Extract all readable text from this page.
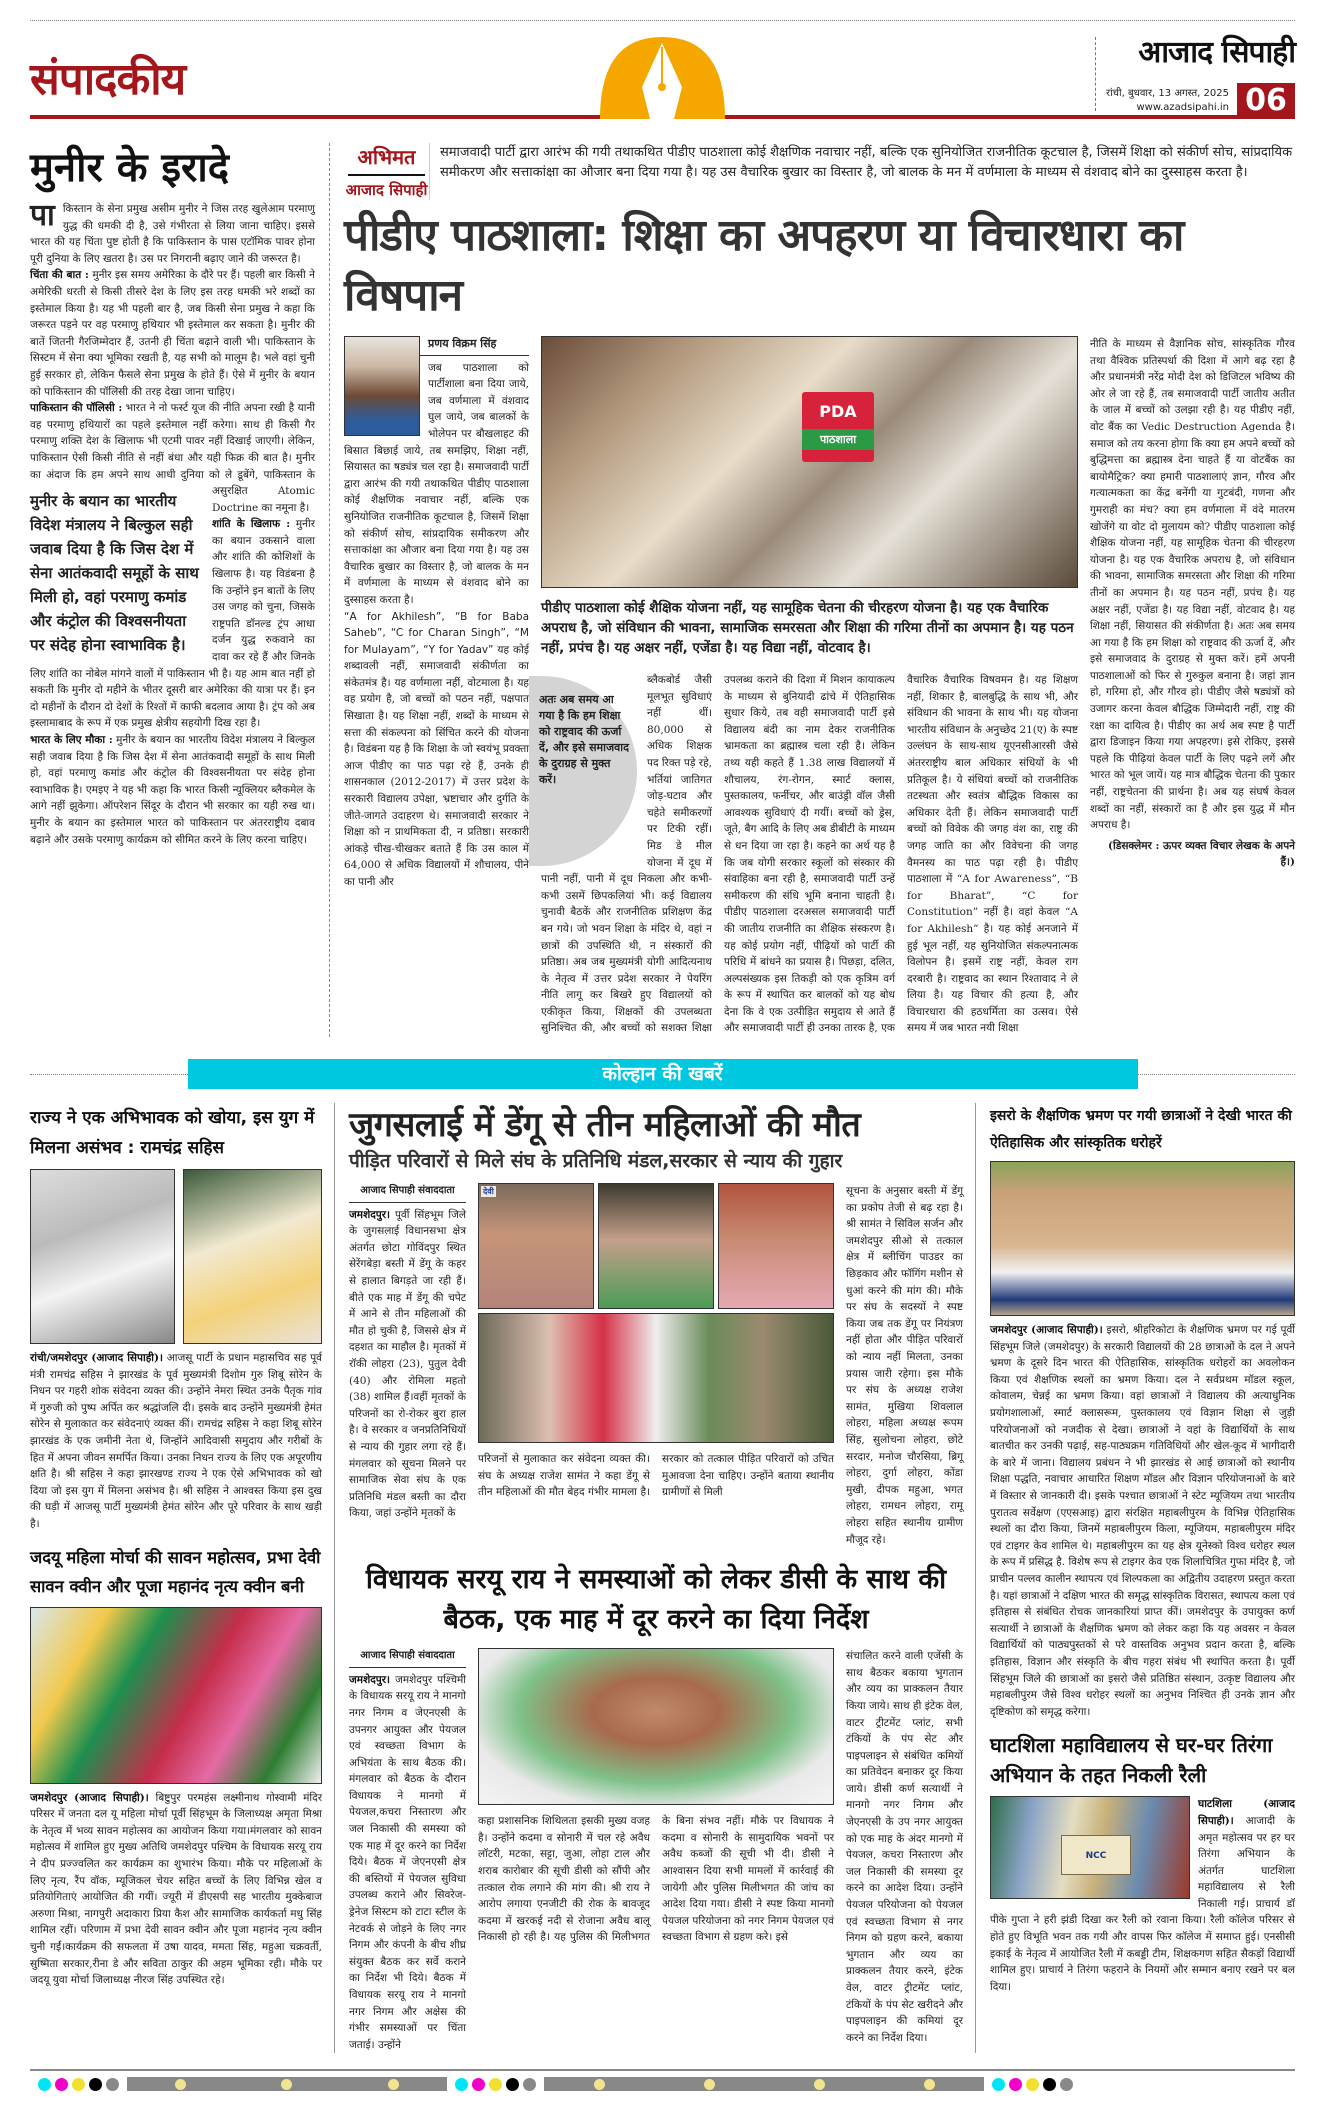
संपादकीय
आजाद सिपाही
रांची, बुधवार, 13 अगस्त, 2025
www.azadsipahi.in 06
मुनीर के इरादे
पा किस्तान के सेना प्रमुख असीम मुनीर ने जिस तरह खुलेआम परमाणु युद्ध की धमकी दी है, उसे गंभीरता से लिया जाना चाहिए। इससे भारत की यह चिंता पुष्ट होती है कि पाकिस्तान के पास एटॉमिक पावर होना पूरी दुनिया के लिए खतरा है। उस पर निगरानी बढ़ाए जाने की जरूरत है।
चिंता की बात : मुनीर इस समय अमेरिका के दौरे पर हैं। पहली बार किसी ने अमेरिकी धरती से किसी तीसरे देश के लिए इस तरह धमकी भरे शब्दों का इस्तेमाल किया है। यह भी पहली बार है, जब किसी सेना प्रमुख ने कहा कि जरूरत पड़ने पर वह परमाणु हथियार भी इस्तेमाल कर सकता है। मुनीर की बातें जितनी गैरजिम्मेदार हैं, उतनी ही चिंता बढ़ाने वाली भी। पाकिस्तान के सिस्टम में सेना क्या भूमिका रखती है, यह सभी को मालूम है। भले वहां चुनी हुई सरकार हो, लेकिन फैसले सेना प्रमुख के होते हैं। ऐसे में मुनीर के बयान को पाकिस्तान की पॉलिसी की तरह देखा जाना चाहिए।
पाकिस्तान की पॉलिसी : भारत ने नो फर्स्ट यूज की नीति अपना रखी है यानी वह परमाणु हथियारों का पहले इस्तेमाल नहीं करेगा। साथ ही किसी गैर परमाणु शक्ति देश के खिलाफ भी एटमी पावर नहीं दिखाई जाएगी। लेकिन, पाकिस्तान ऐसी किसी नीति से नहीं बंधा और यही फिक्र की बात है। मुनीर का अंदाज कि हम अपने साथ आधी
मुनीर के बयान का भारतीय विदेश मंत्रालय ने बिल्कुल सही जवाब दिया है कि जिस देश में सेना आतंकवादी समूहों के साथ मिली हो, वहां परमाणु कमांड और कंट्रोल की विश्वसनीयता पर संदेह होना स्वाभाविक है।
दुनिया को ले डूबेंगे, पाकिस्तान के असुरक्षित Atomic Doctrine का नमूना है।
शांति के खिलाफ : मुनीर का बयान उकसाने वाला और शांति की कोशिशों के खिलाफ है। यह विडंबना है कि उन्होंने इन बातों के लिए उस जगह को चुना, जिसके राष्ट्रपति डॉनल्ड ट्रंप आधा दर्जन युद्ध रुकवाने का दावा कर रहे हैं और जिनके लिए शांति का नोबेल मांगने वालों में पाकिस्तान भी है। यह आम बात नहीं हो सकती कि मुनीर दो महीने के भीतर दूसरी बार अमेरिका की यात्रा पर हैं। इन दो महीनों के दौरान दो देशों के रिश्तों में काफी बदलाव आया है। ट्रंप को अब इस्लामाबाद के रूप में एक प्रमुख क्षेत्रीय सहयोगी दिख रहा है।
भारत के लिए मौका : मुनीर के बयान का भारतीय विदेश मंत्रालय ने बिल्कुल सही जवाब दिया है कि जिस देश में सेना आतंकवादी समूहों के साथ मिली हो, वहां परमाणु कमांड और कंट्रोल की विश्वसनीयता पर संदेह होना स्वाभाविक है। एमइए ने यह भी कहा कि भारत किसी न्यूक्लियर ब्लैकमेल के आगे नहीं झुकेगा। ऑपरेशन सिंदूर के दौरान भी सरकार का यही रुख था। मुनीर के बयान का इस्तेमाल भारत को पाकिस्तान पर अंतरराष्ट्रीय दबाव बढ़ाने और उसके परमाणु कार्यक्रम को सीमित करने के लिए करना चाहिए।
अभिमत
आजाद सिपाही
समाजवादी पार्टी द्वारा आरंभ की गयी तथाकथित पीडीए पाठशाला कोई शैक्षणिक नवाचार नहीं, बल्कि एक सुनियोजित राजनीतिक कूटचाल है, जिसमें शिक्षा को संकीर्ण सोच, सांप्रदायिक समीकरण और सत्ताकांक्षा का औजार बना दिया गया है। यह उस वैचारिक बुखार का विस्तार है, जो बालक के मन में वर्णमाला के माध्यम से वंशवाद बोने का दुस्साहस करता है।
पीडीए पाठशाला: शिक्षा का अपहरण या विचारधारा का विषपान
प्रणय विक्रम सिंह
जब पाठशाला को पार्टीशाला बना दिया जाये, जब वर्णमाला में वंशवाद घुल जाये, जब बालकों के भोलेपन पर बौखलाहट की बिसात बिछाई जाये, तब समझिए, शिक्षा नहीं, सियासत का षड्यंत्र चल रहा है। समाजवादी पार्टी द्वारा आरंभ की गयी तथाकथित पीडीए पाठशाला कोई शैक्षणिक नवाचार नहीं, बल्कि एक सुनियोजित राजनीतिक कूटचाल है, जिसमें शिक्षा को संकीर्ण सोच, सांप्रदायिक समीकरण और सत्ताकांक्षा का औजार बना दिया गया है। यह उस वैचारिक बुखार का विस्तार है, जो बालक के मन में वर्णमाला के माध्यम से वंशवाद बोने का दुस्साहस करता है।
“A for Akhilesh”, “B for Baba Saheb”, “C for Charan Singh”, “M for Mulayam”, “Y for Yadav” यह कोई शब्दावली नहीं, समाजवादी संकीर्णता का संकेतमंत्र है। यह वर्णमाला नहीं, वोटमाला है। यह वह प्रयोग है, जो बच्चों को पठन नहीं, पक्षपात सिखाता है। यह शिक्षा नहीं, शब्दों के माध्यम से सत्ता की संकल्पना को सिंचित करने की योजना है। विडंबना यह है कि शिक्षा के जो स्वयंभू प्रवक्ता आज पीडीए का पाठ पढ़ा रहे हैं, उनके ही शासनकाल (2012-2017) में उत्तर प्रदेश के सरकारी विद्यालय उपेक्षा, भ्रष्टाचार और दुर्गति के जीते-जागते उदाहरण थे। समाजवादी सरकार ने शिक्षा को न प्राथमिकता दी, न प्रतिष्ठा। सरकारी आंकड़े चीख-चीखकर बताते हैं कि उस काल में 64,000 से अधिक विद्यालयों में शौचालय, पीने का पानी और
PDA
पाठशाला
पीडीए पाठशाला कोई शैक्षिक योजना नहीं, यह सामूहिक चेतना की चीरहरण योजना है। यह एक वैचारिक अपराध है, जो संविधान की भावना, सामाजिक समरसता और शिक्षा की गरिमा तीनों का अपमान है। यह पठन नहीं, प्रपंच है। यह अक्षर नहीं, एजेंडा है। यह विद्या नहीं, वोटवाद है।
अतः अब समय आ गया है कि हम शिक्षा को राष्ट्रवाद की ऊर्जा दें, और इसे समाजवाद के दुराग्रह से मुक्त करें।
ब्लैकबोर्ड जैसी मूलभूत सुविधाएं नहीं थीं। 80,000 से अधिक शिक्षक पद रिक्त पड़े रहे, भर्तियां जातिगत जोड़-घटाव और चहेते समीकरणों पर टिकी रहीं। मिड डे मील योजना में दूध में पानी नहीं, पानी में दूध निकला और कभी-कभी उसमें छिपकलियां भी। कई विद्यालय चुनावी बैठकें और राजनीतिक प्रशिक्षण केंद्र बन गये। जो भवन शिक्षा के मंदिर थे, वहां न छात्रों की उपस्थिति थी, न संस्कारों की प्रतिष्ठा। अब जब मुख्यमंत्री योगी आदित्यनाथ के नेतृत्व में उत्तर प्रदेश सरकार ने पेयरिंग नीति लागू कर बिखरे हुए विद्यालयों को एकीकृत किया, शिक्षकों की उपलब्धता सुनिश्चित की, और बच्चों को सशक्त शिक्षा उपलब्ध कराने की दिशा में मिशन कायाकल्प के माध्यम से बुनियादी ढांचे में ऐतिहासिक सुधार किये, तब वही समाजवादी पार्टी इसे विद्यालय बंदी का नाम देकर राजनीतिक भ्रामकता का ब्रह्मास्त्र चला रही है। लेकिन तथ्य यही कहते हैं 1.38 लाख विद्यालयों में शौचालय, रंग-रोगन, स्मार्ट क्लास, पुस्तकालय, फर्नीचर, और बाउंड्री वॉल जैसी आवश्यक सुविधाएं दी गयीं। बच्चों को ड्रेस, जूते, बैग आदि के लिए अब डीबीटी के माध्यम से धन दिया जा रहा है। कहने का अर्थ यह है कि जब योगी सरकार स्कूलों को संस्कार की संवाहिका बना रही है, समाजवादी पार्टी उन्हें समीकरण की संधि भूमि बनाना चाहती है। पीडीए पाठशाला दरअसल समाजवादी पार्टी की जातीय राजनीति का शैक्षिक संस्करण है। यह कोई प्रयोग नहीं, पीढ़ियों को पार्टी की परिधि में बांधने का प्रयास है। पिछड़ा, दलित, अल्पसंख्यक इस तिकड़ी को एक कृत्रिम वर्ग के रूप में स्थापित कर बालकों को यह बोध देना कि वे एक उत्पीड़ित समुदाय से आते हैं और समाजवादी पार्टी ही उनका तारक है, एक वैचारिक वैचारिक विषवमन है। यह शिक्षण नहीं, शिकार है, बालबुद्धि के साथ भी, और संविधान की भावना के साथ भी। यह योजना भारतीय संविधान के अनुच्छेद 21(ए) के स्पष्ट उल्लंघन के साथ-साथ यूएनसीआरसी जैसे अंतरराष्ट्रीय बाल अधिकार संधियों के भी प्रतिकूल है। ये संधियां बच्चों को राजनीतिक तटस्थता और स्वतंत्र बौद्धिक विकास का अधिकार देती हैं। लेकिन समाजवादी पार्टी बच्चों को विवेक की जगह वंश का, राष्ट्र की जगह जाति का और विवेचना की जगह वैमनस्य का पाठ पढ़ा रही है। पीडीए पाठशाला में “A for Awareness”, “B for Bharat”, “C for Constitution” नहीं है। वहां केवल “A for Akhilesh” है। यह कोई अनजाने में हुई भूल नहीं, यह सुनियोजित संकल्पनात्मक विलोपन है। इसमें राष्ट्र नहीं, केवल राग दरबारी है। राष्ट्रवाद का स्थान रिश्तावाद ने ले लिया है। यह विचार की हत्या है, और विचारधारा की हठधर्मिता का उत्सव। ऐसे समय में जब भारत नयी शिक्षा
नीति के माध्यम से वैज्ञानिक सोच, सांस्कृतिक गौरव तथा वैश्विक प्रतिस्पर्धा की दिशा में आगे बढ़ रहा है और प्रधानमंत्री नरेंद्र मोदी देश को डिजिटल भविष्य की ओर ले जा रहे हैं, तब समाजवादी पार्टी जातीय अतीत के जाल में बच्चों को उलझा रही है। यह पीडीए नहीं, वोट बैंक का Vedic Destruction Agenda है। समाज को तय करना होगा कि क्या हम अपने बच्चों को बुद्धिमत्ता का ब्रह्मास्त्र देना चाहते हैं या वोटबैंक का बायोमैट्रिक? क्या हमारी पाठशालाएं ज्ञान, गौरव और गत्यात्मकता का केंद्र बनेंगी या गुटबंदी, गणना और गुमराही का मंच? क्या हम वर्णमाला में वंदे मातरम खोजेंगे या वोट दो मुलायम को? पीडीए पाठशाला कोई शैक्षिक योजना नहीं, यह सामूहिक चेतना की चीरहरण योजना है। यह एक वैचारिक अपराध है, जो संविधान की भावना, सामाजिक समरसता और शिक्षा की गरिमा तीनों का अपमान है। यह पठन नहीं, प्रपंच है। यह अक्षर नहीं, एजेंडा है। यह विद्या नहीं, वोटवाद है। यह शिक्षा नहीं, सियासत की संकीर्णता है। अतः अब समय आ गया है कि हम शिक्षा को राष्ट्रवाद की ऊर्जा दें, और इसे समाजवाद के दुराग्रह से मुक्त करें। हमें अपनी पाठशालाओं को फिर से गुरुकुल बनाना है। जहां ज्ञान हो, गरिमा हो, और गौरव हो। पीडीए जैसे षड्यंत्रों को उजागर करना केवल बौद्धिक जिम्मेदारी नहीं, राष्ट्र की रक्षा का दायित्व है। पीडीए का अर्थ अब स्पष्ट है पार्टी द्वारा डिजाइन किया गया अपहरण। इसे रोकिए, इससे पहले कि पीढ़ियां केवल पार्टी के लिए पढ़ने लगें और भारत को भूल जायें। यह मात्र बौद्धिक चेतना की पुकार नहीं, राष्ट्रचेतना की प्रार्थना है। अब यह संघर्ष केवल शब्दों का नहीं, संस्कारों का है और इस युद्ध में मौन अपराध है।
(डिसक्लेमर : ऊपर व्यक्त विचार लेखक के अपने हैं।)
कोल्हान की खबरें
राज्य ने एक अभिभावक को खोया, इस युग में मिलना असंभव : रामचंद्र सहिस
रांची/जमशेदपुर (आजाद सिपाही)। आजसू पार्टी के प्रधान महासचिव सह पूर्व मंत्री रामचंद्र सहिस ने झारखंड के पूर्व मुख्यमंत्री दिशोम गुरु शिबू सोरेन के निधन पर गहरी शोक संवेदना व्यक्त की। उन्होंने नेमरा स्थित उनके पैतृक गांव में गुरुजी को पुष्प अर्पित कर श्रद्धांजलि दी। इसके बाद उन्होंने मुख्यमंत्री हेमंत सोरेन से मुलाकात कर संवेदनाएं व्यक्त कीं। रामचंद्र सहिस ने कहा शिबू सोरेन झारखंड के एक जमीनी नेता थे, जिन्होंने आदिवासी समुदाय और गरीबों के हित में अपना जीवन समर्पित किया। उनका निधन राज्य के लिए एक अपूरणीय क्षति है। श्री सहिस ने कहा झारखण्ड राज्य ने एक ऐसे अभिभावक को खो दिया जो इस युग में मिलना असंभव है। श्री सहिस ने आश्वस्त किया इस दुख की घड़ी में आजसू पार्टी मुख्यमंत्री हेमंत सोरेन और पूरे परिवार के साथ खड़ी है।
जदयू महिला मोर्चा की सावन महोत्सव, प्रभा देवी सावन क्वीन और पूजा महानंद नृत्य क्वीन बनी
जमशेदपुर (आजाद सिपाही)। बिष्टुपुर परमहंस लक्ष्मीनाथ गोस्वामी मंदिर परिसर में जनता दल यू महिला मोर्चा पूर्वी सिंहभूम के जिलाध्यक्ष अमृता मिश्रा के नेतृत्व में भव्य सावन महोत्सव का आयोजन किया गया।मंगलवार को सावन महोत्सव में शामिल हुए मुख्य अतिथि जमशेदपुर पश्चिम के विधायक सरयू राय ने दीप प्रज्ज्वलित कर कार्यक्रम का शुभारंभ किया। मौके पर महिलाओं के लिए नृत्य, रैंप वॉक, म्यूजिकल चेयर सहित बच्चों के लिए विभिन्न खेल व प्रतियोगिताएं आयोजित की गयीं। ज्यूरी में डीएसपी सह भारतीय मुक्केबाज अरुणा मिश्रा, नागपुरी अदाकारा प्रिया कैश और सामाजिक कार्यकर्ता मधु सिंह शामिल रहीं। परिणाम में प्रभा देवी सावन क्वीन और पूजा महानंद नृत्य क्वीन चुनी गईं।कार्यक्रम की सफलता में उषा यादव, ममता सिंह, महुआ चक्रवर्ती, सुष्मिता सरकार,रीना डे और सविता ठाकुर की अहम भूमिका रही। मौके पर जदयू युवा मोर्चा जिलाध्यक्ष नीरज सिंह उपस्थित रहे।
जुगसलाई में डेंगू से तीन महिलाओं की मौत
पीड़ित परिवारों से मिले संघ के प्रतिनिधि मंडल,सरकार से न्याय की गुहार
आजाद सिपाही संवाददाता
जमशेदपुर। पूर्वी सिंहभूम जिले के जुगसलाई विधानसभा क्षेत्र अंतर्गत छोटा गोविंदपुर स्थित सेरेंगबेड़ा बस्ती में डेंगू के कहर से हालात बिगड़ते जा रही हैं। बीते एक माह में डेंगू की चपेट में आने से तीन महिलाओं की मौत हो चुकी है, जिससे क्षेत्र में दहशत का माहौल है। मृतकों में रॉकी लोहरा (23), पुतुल देवी (40) और रोमिला महतो (38) शामिल हैं।वहीं मृतकों के परिजनों का रो-रोकर बुरा हाल है। वे सरकार व जनप्रतिनिधियों से न्याय की गुहार लगा रहे हैं। मंगलवार को सूचना मिलने पर सामाजिक सेवा संघ के एक प्रतिनिधि मंडल बस्ती का दौरा किया, जहां उन्होंने मृतकों के
देवी
परिजनों से मुलाकात कर संवेदना व्यक्त की। संघ के अध्यक्ष राजेश सामंत ने कहा डेंगू से तीन महिलाओं की मौत बेहद गंभीर मामला है। सरकार को तत्काल पीड़ित परिवारों को उचित मुआवजा देना चाहिए। उन्होंने बताया स्थानीय ग्रामीणों से मिली
सूचना के अनुसार बस्ती में डेंगू का प्रकोप तेजी से बढ़ रहा है। श्री सामंत ने सिविल सर्जन और जमशेदपुर सीओ से तत्काल क्षेत्र में ब्लीचिंग पाउडर का छिड़काव और फॉगिंग मशीन से धुआं करने की मांग की। मौके पर संघ के सदस्यों ने स्पष्ट किया जब तक डेंगू पर नियंत्रण नहीं होता और पीड़ित परिवारों को न्याय नहीं मिलता, उनका प्रयास जारी रहेगा। इस मौके पर संघ के अध्यक्ष राजेश सामंत, मुखिया शिवलाल लोहरा, महिला अध्यक्ष रूपम सिंह, सुलोचना लोहरा, छोटे सरदार, मनोज चौरसिया, ब्रिगू लोहरा, दुर्गा लोहरा, कोंडा मुखी, दीपक महुआ, भगत लोहरा, रामधन लोहरा, रामू लोहरा सहित स्थानीय ग्रामीण मौजूद रहे।
विधायक सरयू राय ने समस्याओं को लेकर डीसी के साथ की बैठक, एक माह में दूर करने का दिया निर्देश
आजाद सिपाही संवाददाता
जमशेदपुर। जमशेदपुर पश्चिमी के विधायक सरयू राय ने मानगो नगर निगम व जेएनएसी के उपनगर आयुक्त और पेयजल एवं स्वच्छता विभाग के अभियंता के साथ बैठक की। मंगलवार को बैठक के दौरान विधायक ने मानगो में पेयजल,कचरा निस्तारण और जल निकासी की समस्या को एक माह में दूर करने का निर्देश दिये। बैठक में जेएनएसी क्षेत्र की बस्तियों में पेयजल सुविधा उपलब्ध कराने और सिवरेज-ड्रेनेज सिस्टम को टाटा स्टील के नेटवर्क से जोड़ने के लिए नगर निगम और कंपनी के बीच शीघ्र संयुक्त बैठक कर सर्वे कराने का निर्देश भी दिये। बैठक में विधायक सरयू राय ने मानगो नगर निगम और अक्षेस की गंभीर समस्याओं पर चिंता जताई। उन्होंने
कहा प्रशासनिक शिथिलता इसकी मुख्य वजह है। उन्होंने कदमा व सोनारी में चल रहे अवैध लॉटरी, मटका, सट्टा, जुआ, लोहा टाल और शराब कारोबार की सूची डीसी को सौंपी और तत्काल रोक लगाने की मांग की। श्री राय ने आरोप लगाया एनजीटी की रोक के बावजूद कदमा में खरकई नदी से रोजाना अवैध बालू निकासी हो रही है। यह पुलिस की मिलीभगत के बिना संभव नहीं। मौके पर विधायक ने कदमा व सोनारी के सामुदायिक भवनों पर अवैध कब्जों की सूची भी दी। डीसी ने आश्वासन दिया सभी मामलों में कार्रवाई की जायेगी और पुलिस मिलीभगत की जांच का आदेश दिया गया। डीसी ने स्पष्ट किया मानगो पेयजल परियोजना को नगर निगम पेयजल एवं स्वच्छता विभाग से ग्रहण करे। इसे
संचालित करने वाली एजेंसी के साथ बैठकर बकाया भुगतान और व्यय का प्राक्कलन तैयार किया जाये। साथ ही इंटेक वेल, वाटर ट्रीटमेंट प्लांट, सभी टंकियों के पंप सेट और पाइपलाइन से संबंधित कमियों का प्रतिवेदन बनाकर दूर किया जाये। डीसी कर्ण सत्यार्थी ने मानगो नगर निगम और जेएनएसी के उप नगर आयुक्त को एक माह के अंदर मानगो में पेयजल, कचरा निस्तारण और जल निकासी की समस्या दूर करने का आदेश दिया। उन्होंने पेयजल परियोजना को पेयजल एवं स्वच्छता विभाग से नगर निगम को ग्रहण करने, बकाया भुगतान और व्यय का प्राक्कलन तैयार करने, इंटेक वेल, वाटर ट्रीटमेंट प्लांट, टंकियों के पंप सेट खरीदने और पाइपलाइन की कमियां दूर करने का निर्देश दिया।
इसरो के शैक्षणिक भ्रमण पर गयी छात्राओं ने देखी भारत की ऐतिहासिक और सांस्कृतिक धरोहरें
जमशेदपुर (आजाद सिपाही)। इसरो, श्रीहरिकोटा के शैक्षणिक भ्रमण पर गई पूर्वी सिंहभूम जिले (जमशेदपुर) के सरकारी विद्यालयों की 28 छात्राओं के दल ने अपने भ्रमण के दूसरे दिन भारत की ऐतिहासिक, सांस्कृतिक धरोहरों का अवलोकन किया एवं शैक्षणिक स्थलों का भ्रमण किया। दल ने सर्वप्रथम मॉडल स्कूल, कोवालम, चेन्नई का भ्रमण किया। वहां छात्राओं ने विद्यालय की अत्याधुनिक प्रयोगशालाओं, स्मार्ट क्लासरूम, पुस्तकालय एवं विज्ञान शिक्षा से जुड़ी परियोजनाओं को नजदीक से देखा। छात्राओं ने वहां के विद्यार्थियों के साथ बातचीत कर उनकी पढ़ाई, सह-पाठ्यक्रम गतिविधियों और खेल-कूद में भागीदारी के बारे में जाना। विद्यालय प्रबंधन ने भी झारखंड से आई छात्राओं को स्थानीय शिक्षा पद्धति, नवाचार आधारित शिक्षण मॉडल और विज्ञान परियोजनाओं के बारे में विस्तार से जानकारी दी। इसके पश्चात छात्राओं ने स्टेट म्यूजियम तथा भारतीय पुरातत्व सर्वेक्षण (एएसआइ) द्वारा संरक्षित महाबलीपुरम के विभिन्न ऐतिहासिक स्थलों का दौरा किया, जिनमें महाबलीपुरम किला, म्यूजियम, महाबलीपुरम मंदिर एवं टाइगर केव शामिल थे। महाबलीपुरम का यह क्षेत्र यूनेस्को विश्व धरोहर स्थल के रूप में प्रसिद्ध है. विशेष रूप से टाइगर केव एक शिलाचित्रित गुफा मंदिर है, जो प्राचीन पल्लव कालीन स्थापत्य एवं शिल्पकला का अद्वितीय उदाहरण प्रस्तुत करता है। यहां छात्राओं ने दक्षिण भारत की समृद्ध सांस्कृतिक विरासत, स्थापत्य कला एवं इतिहास से संबंधित रोचक जानकारियां प्राप्त कीं। जमशेदपुर के उपायुक्त कर्ण सत्यार्थी ने छात्राओं के शैक्षणिक भ्रमण को लेकर कहा कि यह अवसर न केवल विद्यार्थियों को पाठ्यपुस्तकों से परे वास्तविक अनुभव प्रदान करता है, बल्कि इतिहास, विज्ञान और संस्कृति के बीच गहरा संबंध भी स्थापित करता है। पूर्वी सिंहभूम जिले की छात्राओं का इसरो जैसे प्रतिष्ठित संस्थान, उत्कृष्ट विद्यालय और महाबलीपुरम जैसे विश्व धरोहर स्थलों का अनुभव निश्चित ही उनके ज्ञान और दृष्टिकोण को समृद्ध करेगा।
घाटशिला महाविद्यालय से घर-घर तिरंगा अभियान के तहत निकली रैली
NCC
घाटशिला (आजाद सिपाही)। आजादी के अमृत महोत्सव पर हर घर तिरंगा अभियान के अंतर्गत घाटशिला महाविद्यालय से रैली निकाली गई। प्राचार्य डॉ पीके गुप्ता ने हरी झंडी दिखा कर रैली को रवाना किया। रैली कॉलेज परिसर से होते हुए विभूति भवन तक गयी और वापस फिर कॉलेज में समाप्त हुई। एनसीसी इकाई के नेतृत्व में आयोजित रैली में कबड्डी टीम, शिक्षकगण सहित सैकड़ों विद्यार्थी शामिल हुए। प्राचार्य ने तिरंगा फहराने के नियमों और सम्मान बनाए रखने पर बल दिया।
